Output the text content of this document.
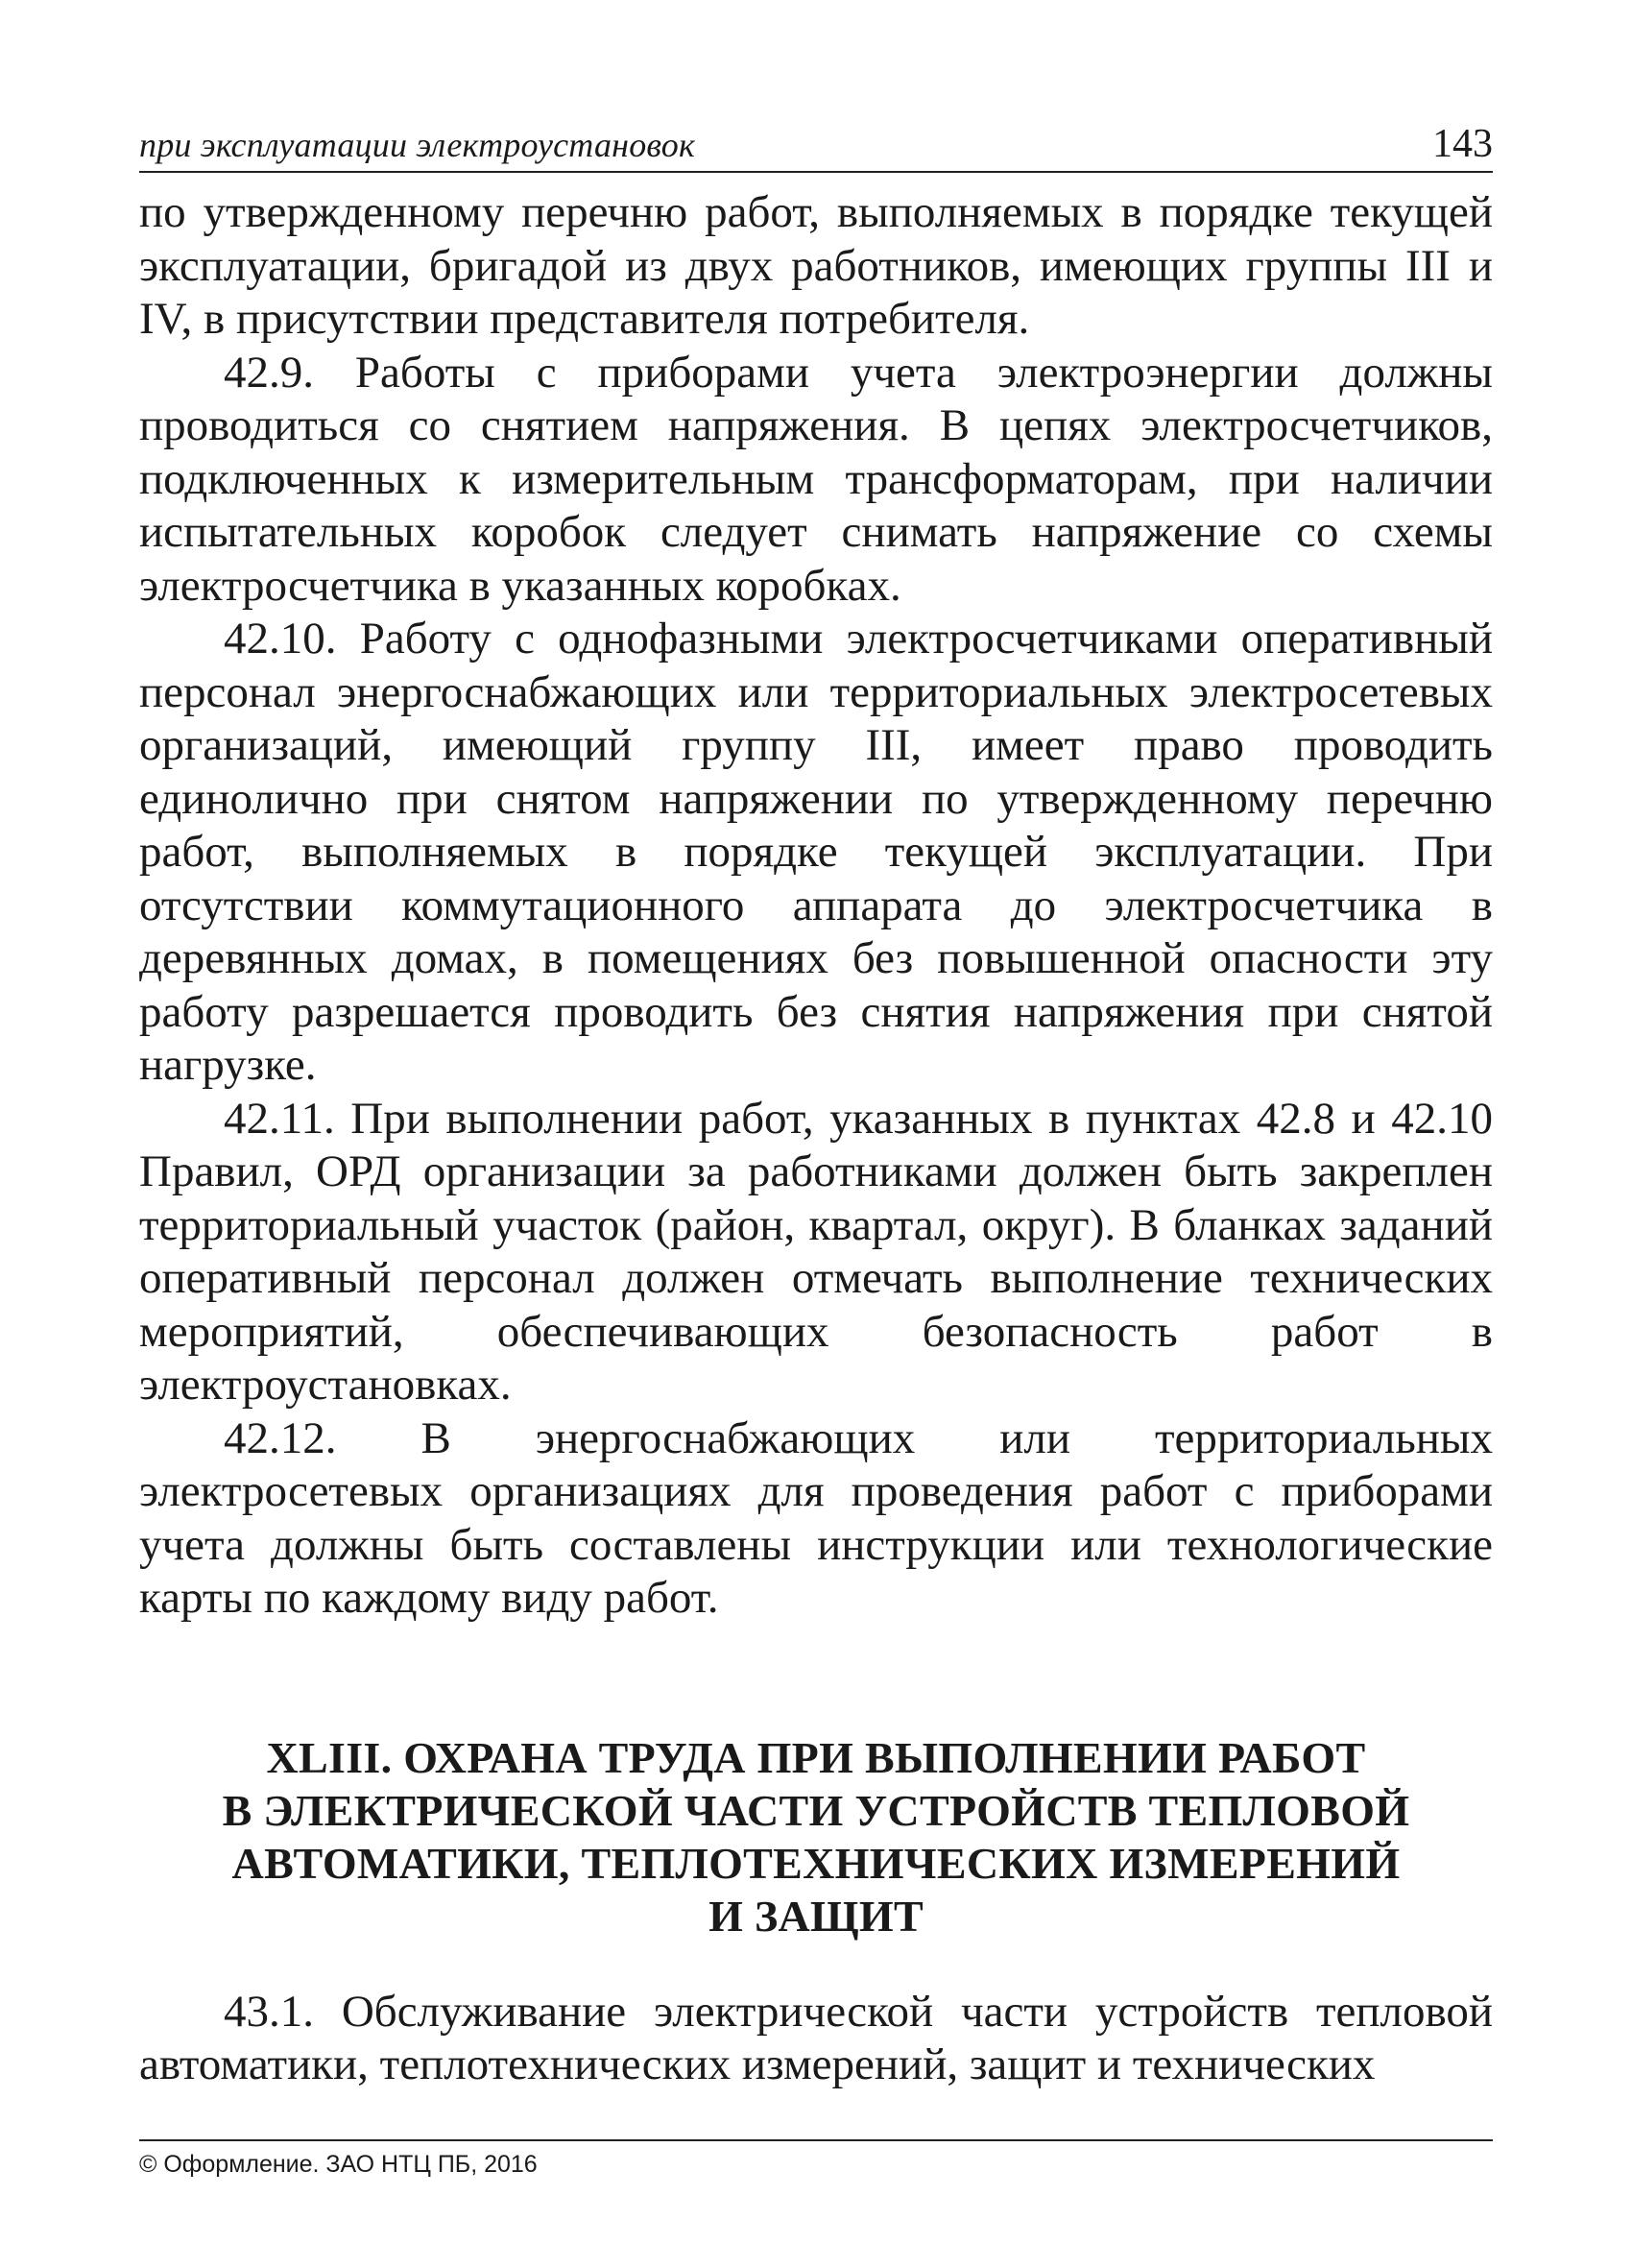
при эксплуатации электроустановок	143

по утвержденному перечню работ, выполняемых в порядке текущей эксплуатации, бригадой из двух работников, имеющих группы III и IV, в присутствии представителя потребителя.

42.9. Работы с приборами учета электроэнергии должны проводиться со снятием напряжения. В цепях электросчетчиков, подключенных к измерительным трансформаторам, при наличии испытательных коробок следует снимать напряжение со схемы электросчетчика в указанных коробках.

42.10. Работу с однофазными электросчетчиками оперативный персонал энергоснабжающих или территориальных электросетевых организаций, имеющий группу III, имеет право проводить единолично при снятом напряжении по утвержденному перечню работ, выполняемых в порядке текущей эксплуатации. При отсутствии коммутационного аппарата до электросчетчика в деревянных домах, в помещениях без повышенной опасности эту работу разрешается проводить без снятия напряжения при снятой нагрузке.

42.11. При выполнении работ, указанных в пунктах 42.8 и 42.10 Правил, ОРД организации за работниками должен быть закреплен территориальный участок (район, квартал, округ). В бланках заданий оперативный персонал должен отмечать выполнение технических мероприятий, обеспечивающих безопасность работ в электроустановках.

42.12. В энергоснабжающих или территориальных электросетевых организациях для проведения работ с приборами учета должны быть составлены инструкции или технологические карты по каждому виду работ.

XLIII. ОХРАНА ТРУДА ПРИ ВЫПОЛНЕНИИ РАБОТ
В ЭЛЕКТРИЧЕСКОЙ ЧАСТИ УСТРОЙСТВ ТЕПЛОВОЙ
АВТОМАТИКИ, ТЕПЛОТЕХНИЧЕСКИХ ИЗМЕРЕНИЙ
И ЗАЩИТ

43.1. Обслуживание электрической части устройств тепловой автоматики, теплотехнических измерений, защит и технических

© Оформление. ЗАО НТЦ ПБ, 2016
